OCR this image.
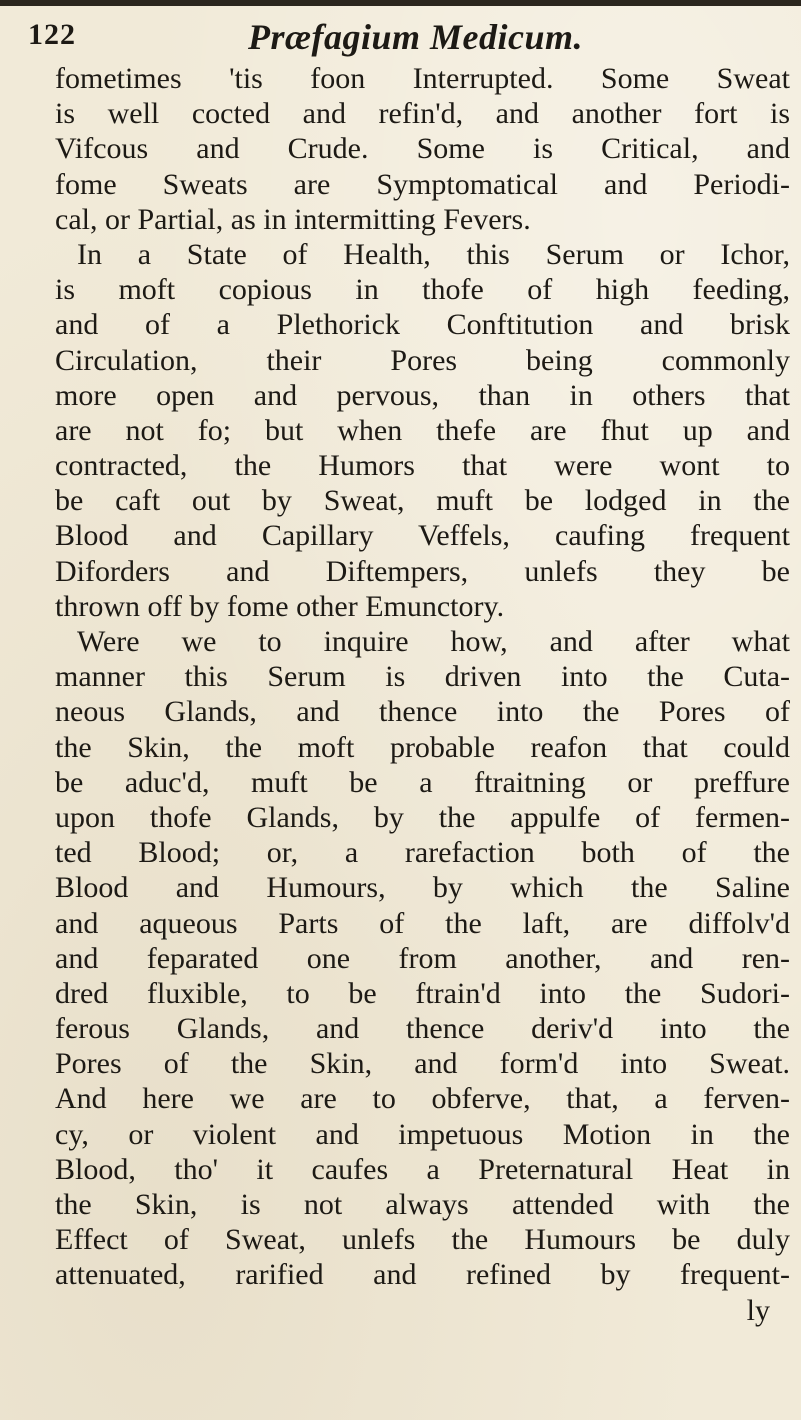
122	Præfagium Medicum.
fometimes 'tis foon Interrupted. Some Sweat
is well cocted and refin'd, and another fort is
Vifcous and Crude. Some is Critical, and
fome Sweats are Symptomatical and Periodi-
cal, or Partial, as in intermitting Fevers.
In a State of Health, this Serum or Ichor,
is moft copious in thofe of high feeding,
and of a Plethorick Conftitution and brisk
Circulation, their Pores being commonly
more open and pervous, than in others that
are not fo; but when thefe are fhut up and
contracted, the Humors that were wont to
be caft out by Sweat, muft be lodged in the
Blood and Capillary Veffels, caufing frequent
Diforders and Diftempers, unlefs they be
thrown off by fome other Emunctory.
Were we to inquire how, and after what
manner this Serum is driven into the Cuta-
neous Glands, and thence into the Pores of
the Skin, the moft probable reafon that could
be aduc'd, muft be a ftraitning or preffure
upon thofe Glands, by the appulfe of fermen-
ted Blood; or, a rarefaction both of the
Blood and Humours, by which the Saline
and aqueous Parts of the laft, are diffolv'd
and feparated one from another, and ren-
dred fluxible, to be ftrain'd into the Sudori-
ferous Glands, and thence deriv'd into the
Pores of the Skin, and form'd into Sweat.
And here we are to obferve, that, a ferven-
cy, or violent and impetuous Motion in the
Blood, tho' it caufes a Preternatural Heat in
the Skin, is not always attended with the
Effect of Sweat, unlefs the Humours be duly
attenuated, rarified and refined by frequent-
ly
